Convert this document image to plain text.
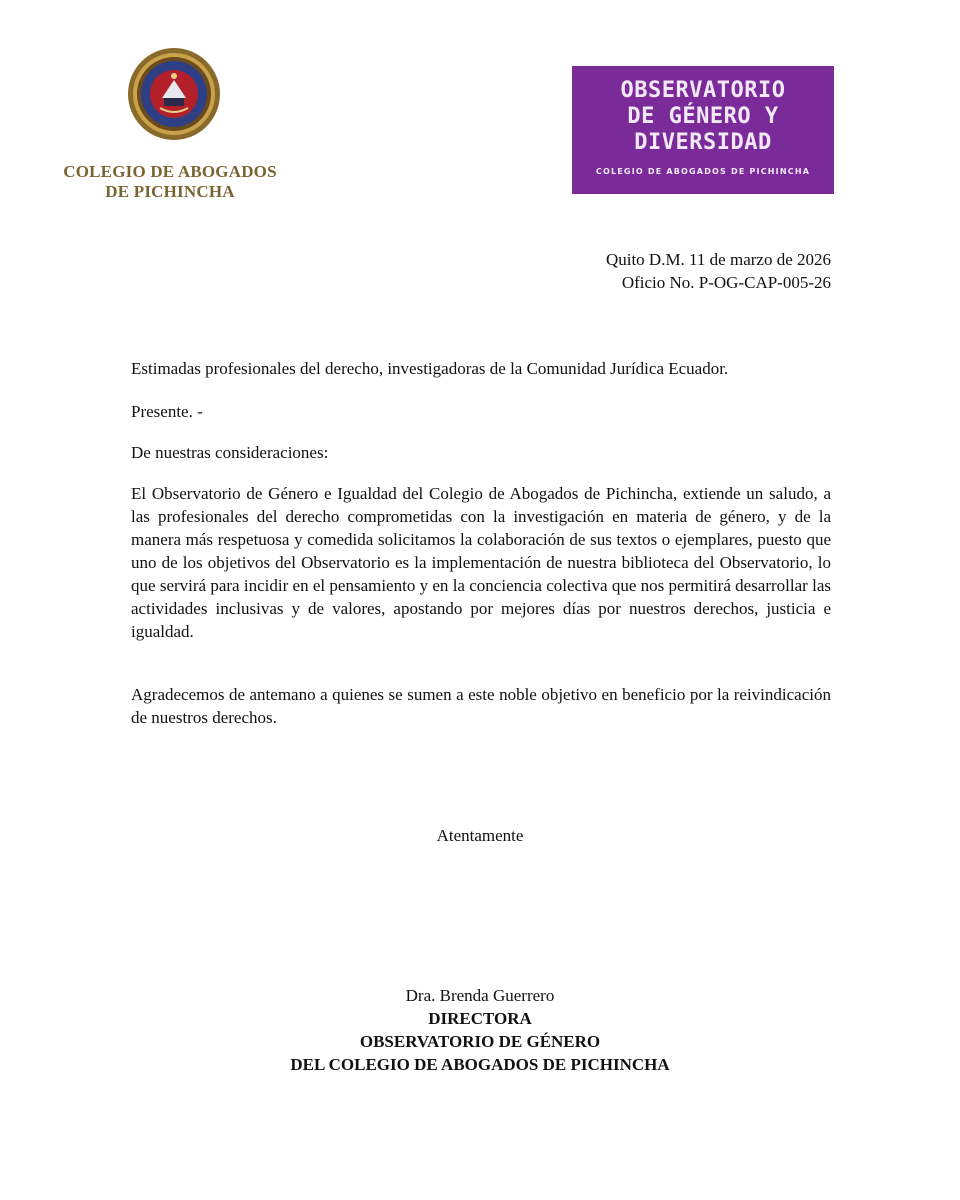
COLEGIO DE ABOGADOS
DE PICHINCHA
OBSERVATORIO
DE GÉNERO Y
DIVERSIDAD
COLEGIO DE ABOGADOS DE PICHINCHA
Quito D.M. 11 de marzo de 2026
Oficio No. P-OG-CAP-005-26
Estimadas profesionales del derecho, investigadoras de la Comunidad Jurídica Ecuador.
Presente. -
De nuestras consideraciones:

El Observatorio de Género e Igualdad del Colegio de Abogados de Pichincha, extiende un saludo, a las profesionales del derecho comprometidas con la investigación en materia de género, y de la manera más respetuosa y comedida solicitamos la colaboración de sus textos o ejemplares, puesto que uno de los objetivos del Observatorio es la implementación de nuestra biblioteca del Observatorio, lo que servirá para incidir en el pensamiento y en la conciencia colectiva que nos permitirá desarrollar las actividades inclusivas y de valores, apostando por mejores días por nuestros derechos, justicia e igualdad.

Agradecemos de antemano a quienes se sumen a este noble objetivo en beneficio por la reivindicación de nuestros derechos.

Atentamente
Dra. Brenda Guerrero
DIRECTORA
OBSERVATORIO DE GÉNERO
DEL COLEGIO DE ABOGADOS DE PICHINCHA
